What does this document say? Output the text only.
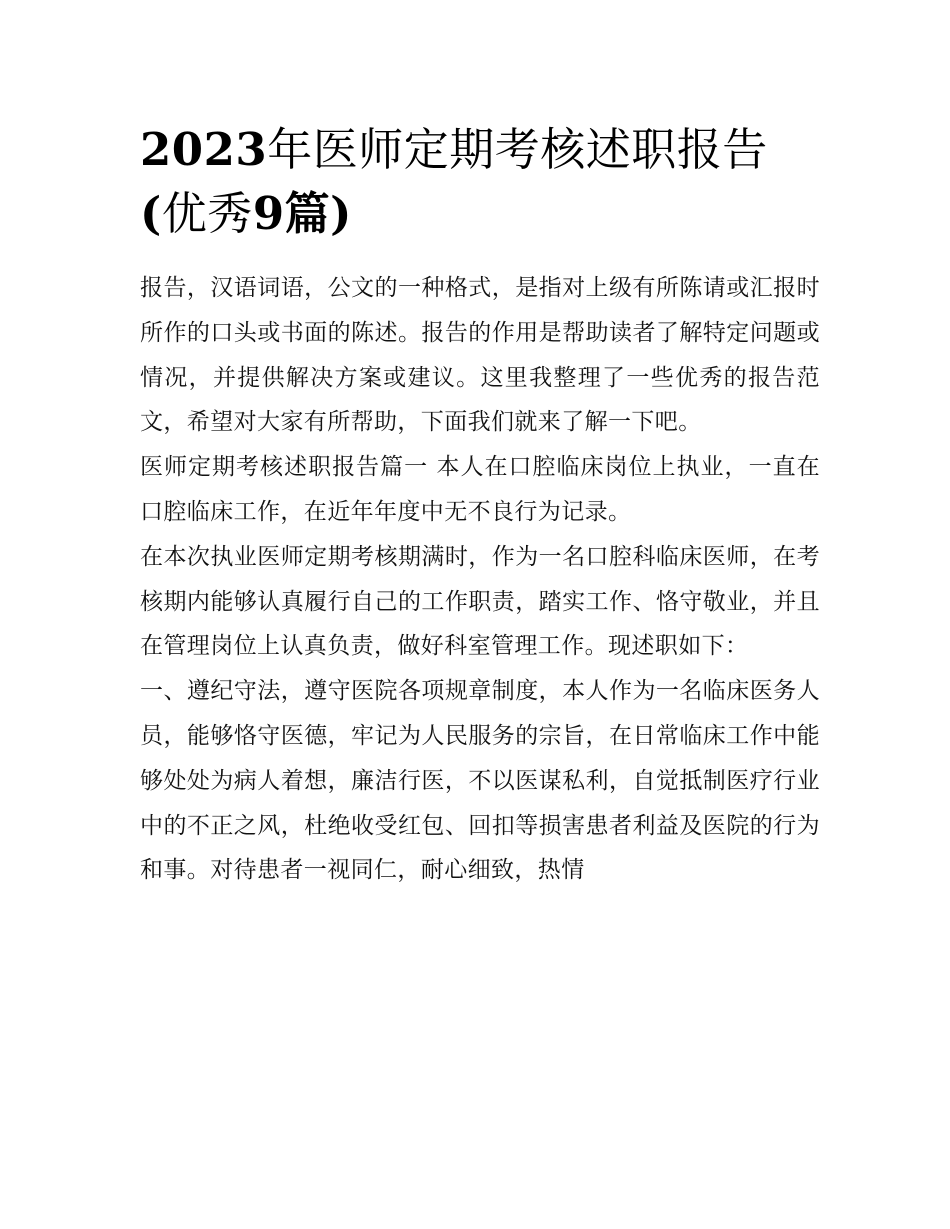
2023年医师定期考核述职报告
(优秀9篇)

报告，汉语词语，公文的一种格式，是指对上级有所陈请或汇报时所作的口头或书面的陈述。报告的作用是帮助读者了解特定问题或情况，并提供解决方案或建议。这里我整理了一些优秀的报告范文，希望对大家有所帮助，下面我们就来了解一下吧。

医师定期考核述职报告篇一 本人在口腔临床岗位上执业，一直在口腔临床工作，在近年年度中无不良行为记录。

在本次执业医师定期考核期满时，作为一名口腔科临床医师，在考核期内能够认真履行自己的工作职责，踏实工作、恪守敬业，并且在管理岗位上认真负责，做好科室管理工作。现述职如下：

一、遵纪守法，遵守医院各项规章制度，本人作为一名临床医务人员，能够恪守医德，牢记为人民服务的宗旨，在日常临床工作中能够处处为病人着想，廉洁行医，不以医谋私利，自觉抵制医疗行业中的不正之风，杜绝收受红包、回扣等损害患者利益及医院的行为和事。对待患者一视同仁，耐心细致，热情
